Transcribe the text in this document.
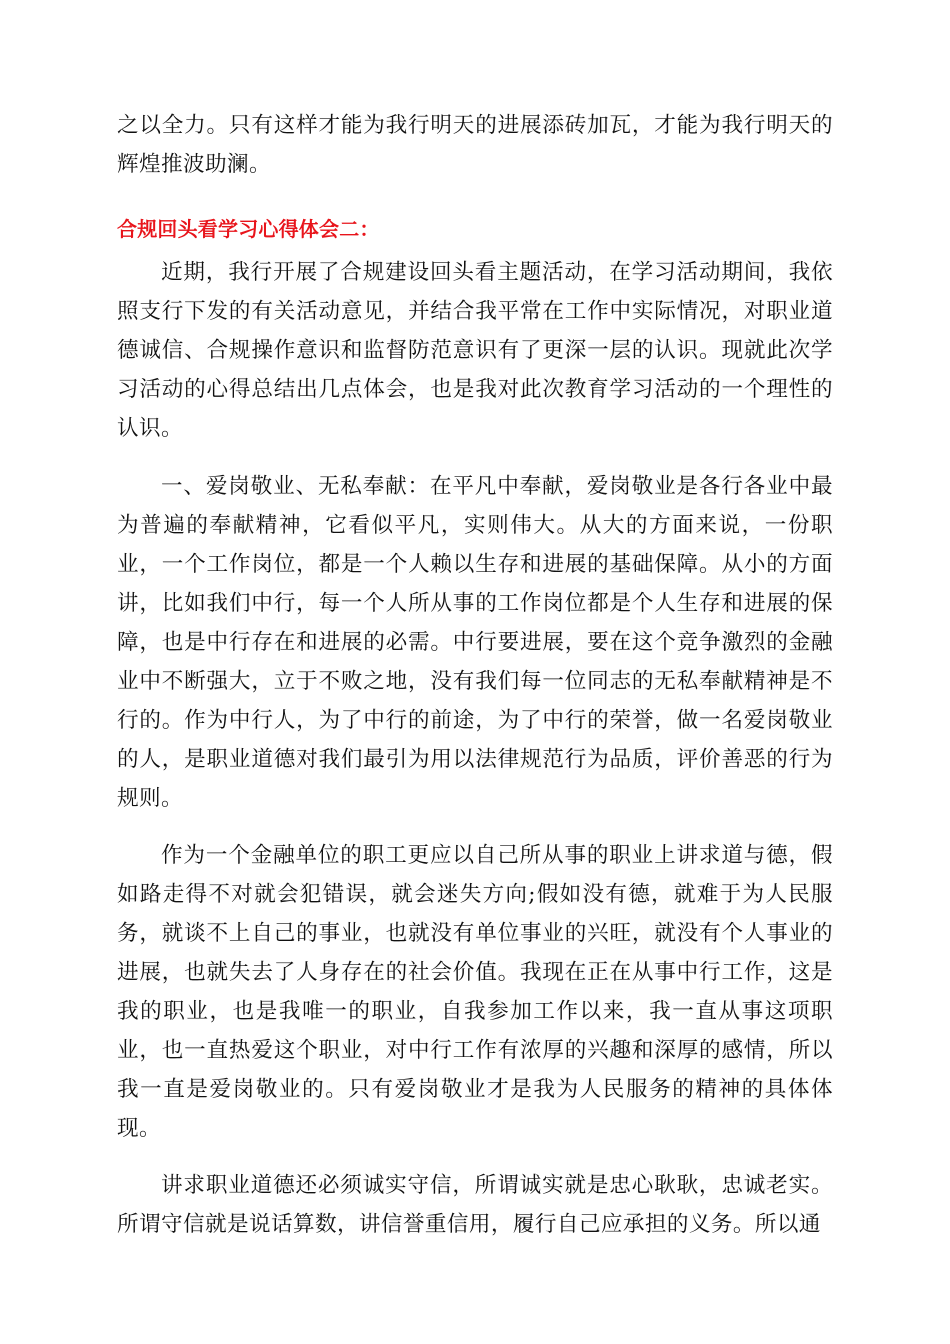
之以全力。只有这样才能为我行明天的进展添砖加瓦，才能为我行明天的辉煌推波助澜。

合规回头看学习心得体会二：

近期，我行开展了合规建设回头看主题活动，在学习活动期间，我依照支行下发的有关活动意见，并结合我平常在工作中实际情况，对职业道德诚信、合规操作意识和监督防范意识有了更深一层的认识。现就此次学习活动的心得总结出几点体会，也是我对此次教育学习活动的一个理性的认识。

一、爱岗敬业、无私奉献：在平凡中奉献，爱岗敬业是各行各业中最为普遍的奉献精神，它看似平凡，实则伟大。从大的方面来说，一份职业，一个工作岗位，都是一个人赖以生存和进展的基础保障。从小的方面讲，比如我们中行，每一个人所从事的工作岗位都是个人生存和进展的保障，也是中行存在和进展的必需。中行要进展，要在这个竞争激烈的金融业中不断强大，立于不败之地，没有我们每一位同志的无私奉献精神是不行的。作为中行人，为了中行的前途，为了中行的荣誉，做一名爱岗敬业的人，是职业道德对我们最引为用以法律规范行为品质，评价善恶的行为规则。

作为一个金融单位的职工更应以自己所从事的职业上讲求道与德，假如路走得不对就会犯错误，就会迷失方向;假如没有德，就难于为人民服务，就谈不上自己的事业，也就没有单位事业的兴旺，就没有个人事业的进展，也就失去了人身存在的社会价值。我现在正在从事中行工作，这是我的职业，也是我唯一的职业，自我参加工作以来，我一直从事这项职业，也一直热爱这个职业，对中行工作有浓厚的兴趣和深厚的感情，所以我一直是爱岗敬业的。只有爱岗敬业才是我为人民服务的精神的具体体现。

讲求职业道德还必须诚实守信，所谓诚实就是忠心耿耿，忠诚老实。所谓守信就是说话算数，讲信誉重信用，履行自己应承担的义务。所以通
